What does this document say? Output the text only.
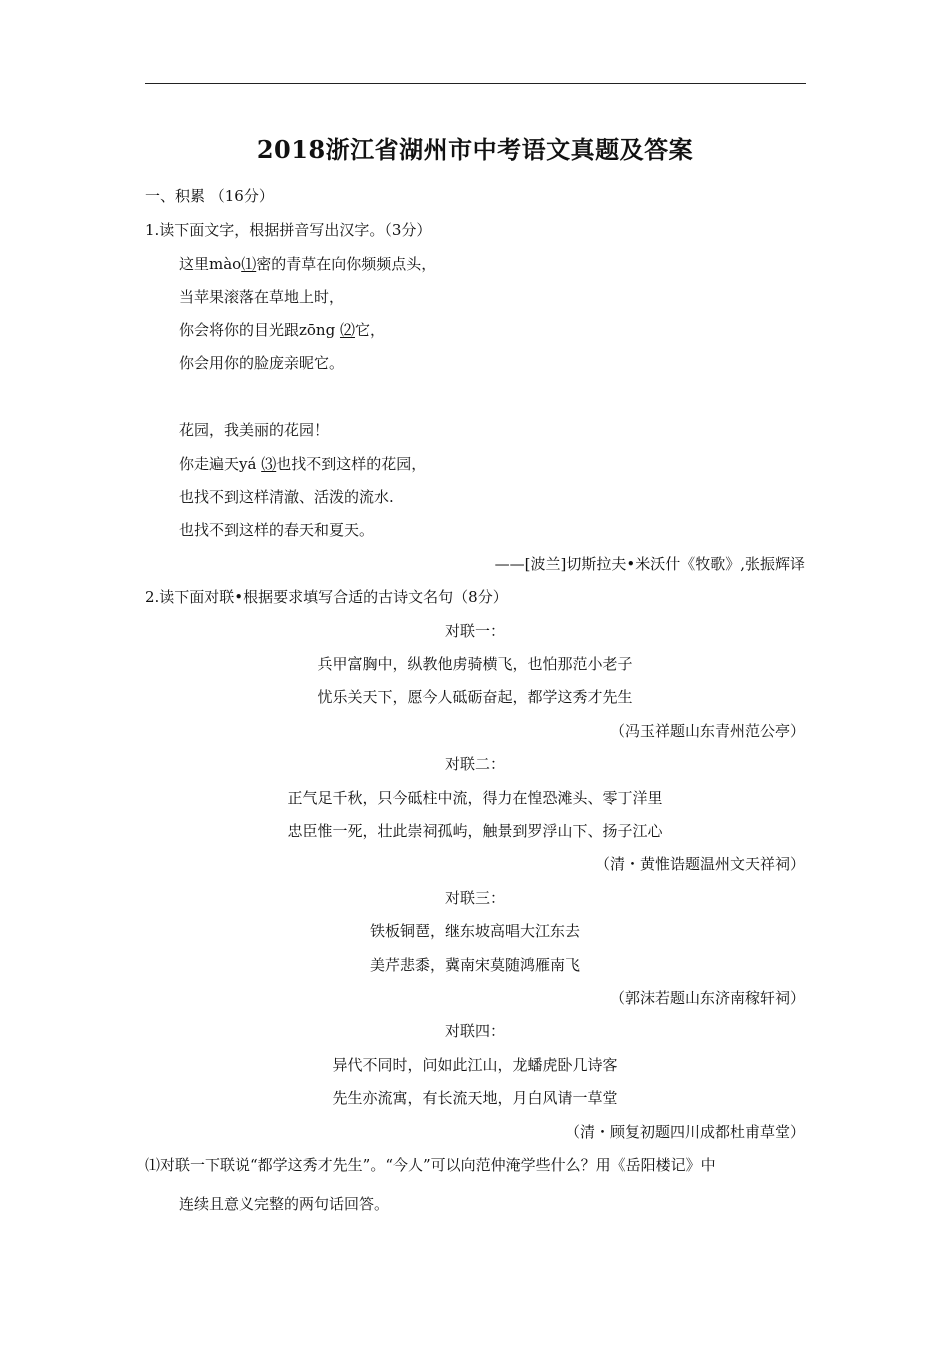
2018浙江省湖州市中考语文真题及答案
一、积累 （16分）
1.读下面文字，根据拼音写出汉字。（3分）
这里mào⑴密的青草在向你频频点头，
当苹果滚落在草地上时，
你会将你的目光跟zōng ⑵它，
你会用你的脸庞亲昵它。
花园，我美丽的花园！
你走遍天yá ⑶也找不到这样的花园，
也找不到这样清澈、活泼的流水.
也找不到这样的春天和夏天。
——[波兰]切斯拉夫•米沃什《牧歌》,张振辉译
2.读下面对联•根据要求填写合适的古诗文名句（8分）
对联一：
兵甲富胸中，纵教他虏骑横飞，也怕那范小老子
忧乐关天下，愿今人砥砺奋起，都学这秀才先生
（冯玉祥题山东青州范公亭）
对联二：
正气足千秋，只今砥柱中流，得力在惶恐滩头、零丁洋里
忠臣惟一死，壮此崇祠孤屿，触景到罗浮山下、扬子江心
（清・黄惟诰题温州文天祥祠）
对联三：
铁板铜琶，继东坡高唱大江东去
美芹悲黍，冀南宋莫随鸿雁南飞
（郭沫若题山东济南稼轩祠）
对联四：
异代不同时，问如此江山，龙蟠虎卧几诗客
先生亦流寓，有长流天地，月白风请一草堂
（清・顾复初题四川成都杜甫草堂）
⑴对联一下联说“都学这秀才先生”。“今人”可以向范仲淹学些什么？用《岳阳楼记》中
连续且意义完整的两句话回答。
